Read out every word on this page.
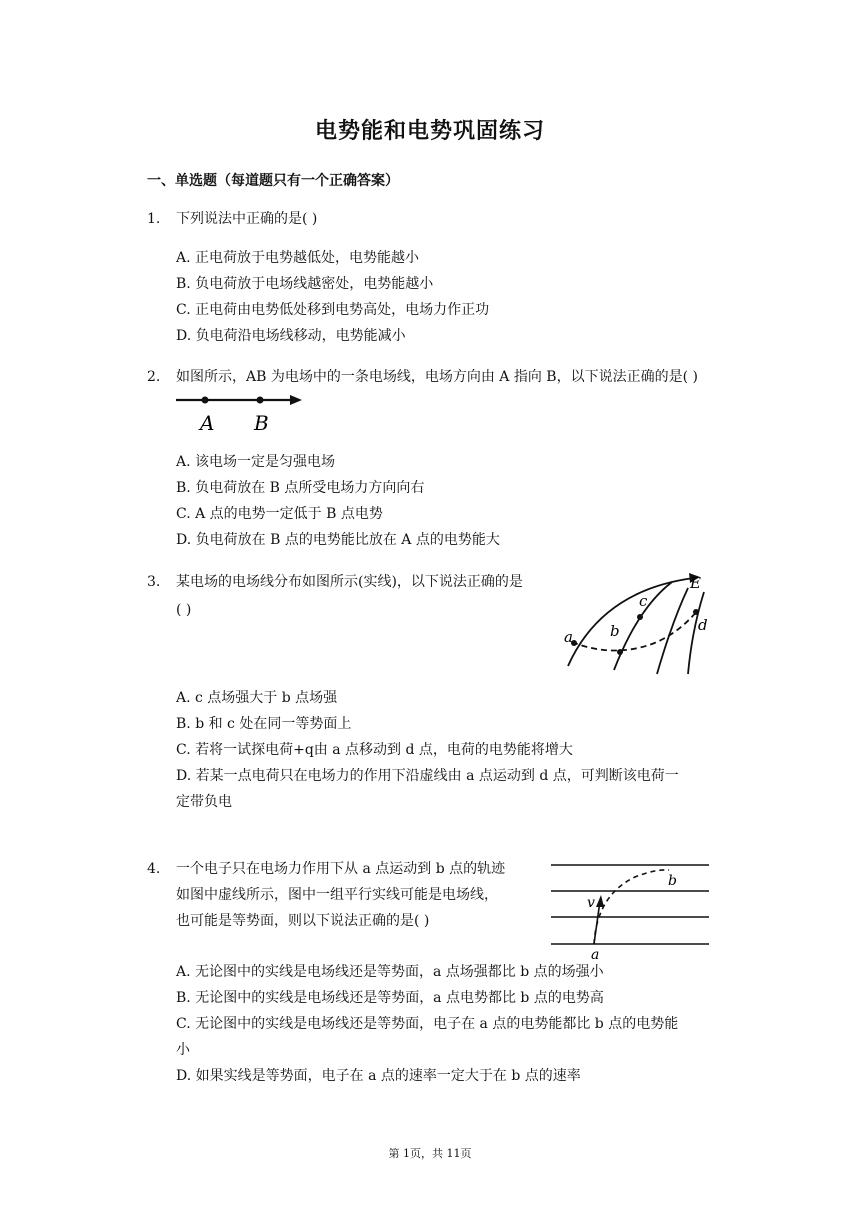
电势能和电势巩固练习
一、单选题（每道题只有一个正确答案）
1. 下列说法中正确的是( )
A. 正电荷放于电势越低处，电势能越小
B. 负电荷放于电场线越密处，电势能越小
C. 正电荷由电势低处移到电势高处，电场力作正功
D. 负电荷沿电场线移动，电势能减小
2. 如图所示，AB 为电场中的一条电场线，电场方向由 A 指向 B，以下说法正确的是( )
A B
A. 该电场一定是匀强电场
B. 负电荷放在 B 点所受电场力方向向右
C. A 点的电势一定低于 B 点电势
D. 负电荷放在 B 点的电势能比放在 A 点的电势能大
3. 某电场的电场线分布如图所示(实线)，以下说法正确的是
( )
E
c
b
a
d
A. c 点场强大于 b 点场强
B. b 和 c 处在同一等势面上
C. 若将一试探电荷+q由 a 点移动到 d 点，电荷的电势能将增大
D. 若某一点电荷只在电场力的作用下沿虚线由 a 点运动到 d 点，可判断该电荷一
定带负电
4. 一个电子只在电场力作用下从 a 点运动到 b 点的轨迹
如图中虚线所示，图中一组平行实线可能是电场线，
也可能是等势面，则以下说法正确的是( )
b
v
a
A. 无论图中的实线是电场线还是等势面，a 点场强都比 b 点的场强小
B. 无论图中的实线是电场线还是等势面，a 点电势都比 b 点的电势高
C. 无论图中的实线是电场线还是等势面，电子在 a 点的电势能都比 b 点的电势能
小
D. 如果实线是等势面，电子在 a 点的速率一定大于在 b 点的速率
第 1页，共 11页
